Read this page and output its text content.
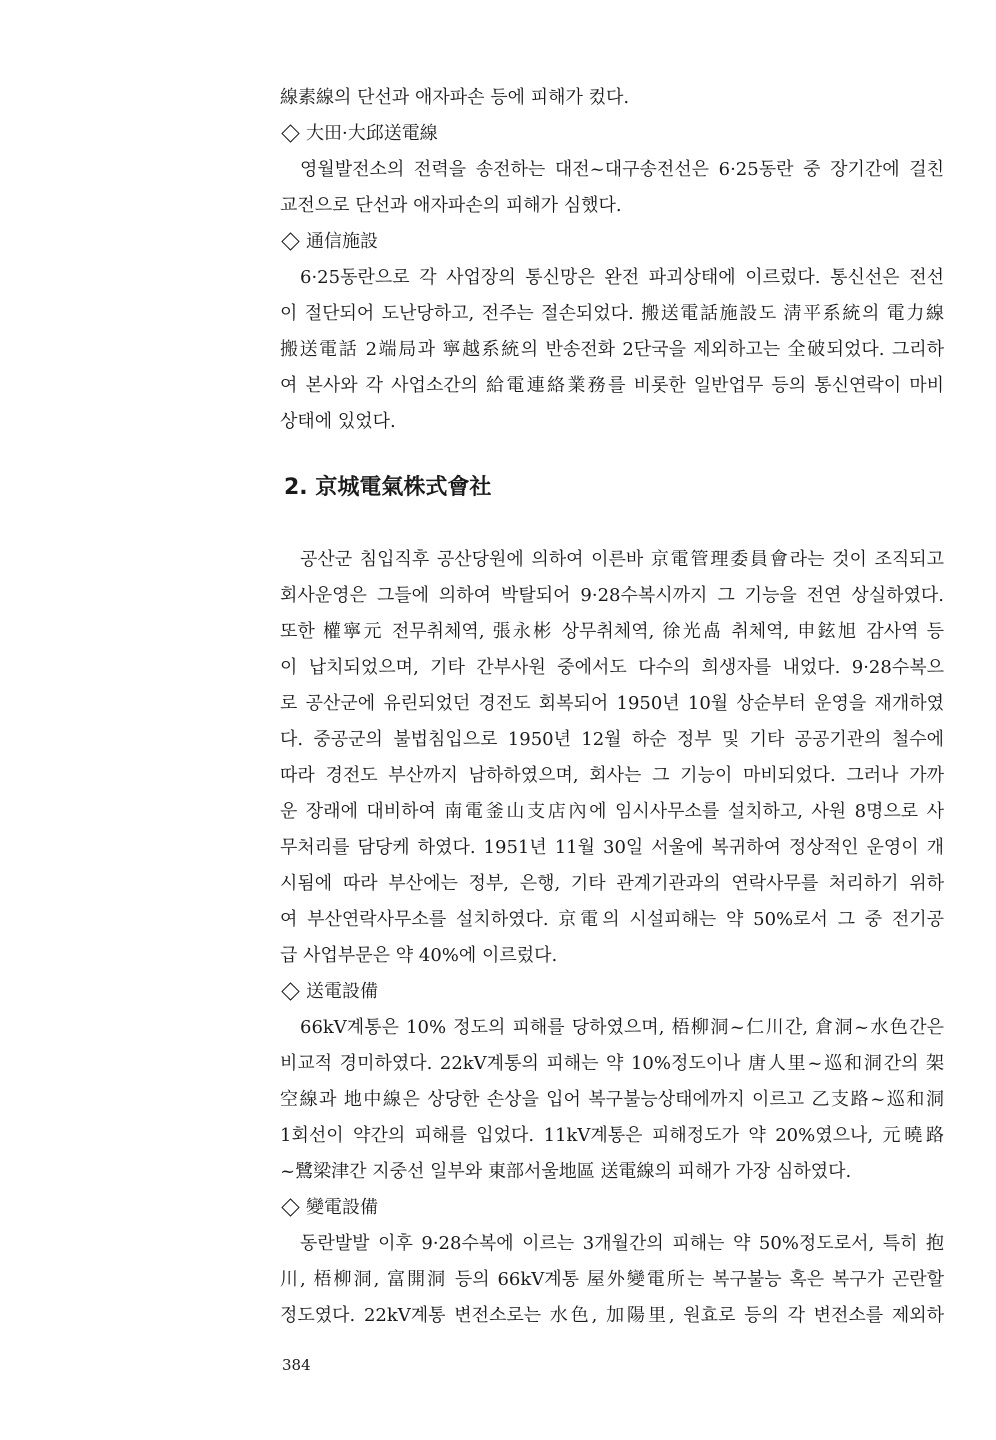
線素線의 단선과 애자파손 등에 피해가 컸다.
大田·大邱送電線
영월발전소의 전력을 송전하는 대전~대구송전선은 6·25동란 중 장기간에 걸친
교전으로 단선과 애자파손의 피해가 심했다.
通信施設
6·25동란으로 각 사업장의 통신망은 완전 파괴상태에 이르렀다. 통신선은 전선
이 절단되어 도난당하고, 전주는 절손되었다. 搬送電話施設도 淸平系統의 電力線
搬送電話 2端局과 寧越系統의 반송전화 2단국을 제외하고는 全破되었다. 그리하
여 본사와 각 사업소간의 給電連絡業務를 비롯한 일반업무 등의 통신연락이 마비
상태에 있었다.
2. 京城電氣株式會社
공산군 침입직후 공산당원에 의하여 이른바 京電管理委員會라는 것이 조직되고
회사운영은 그들에 의하여 박탈되어 9·28수복시까지 그 기능을 전연 상실하였다.
또한 權寧元 전무취체역, 張永彬 상무취체역, 徐光卨 취체역, 申鉉旭 감사역 등
이 납치되었으며, 기타 간부사원 중에서도 다수의 희생자를 내었다. 9·28수복으
로 공산군에 유린되었던 경전도 회복되어 1950년 10월 상순부터 운영을 재개하였
다. 중공군의 불법침입으로 1950년 12월 하순 정부 및 기타 공공기관의 철수에
따라 경전도 부산까지 남하하였으며, 회사는 그 기능이 마비되었다. 그러나 가까
운 장래에 대비하여 南電釜山支店內에 임시사무소를 설치하고, 사원 8명으로 사
무처리를 담당케 하였다. 1951년 11월 30일 서울에 복귀하여 정상적인 운영이 개
시됨에 따라 부산에는 정부, 은행, 기타 관계기관과의 연락사무를 처리하기 위하
여 부산연락사무소를 설치하였다. 京電의 시설피해는 약 50%로서 그 중 전기공
급 사업부문은 약 40%에 이르렀다.
送電設備
66kV계통은 10% 정도의 피해를 당하였으며, 梧柳洞~仁川간, 倉洞~水色간은
비교적 경미하였다. 22kV계통의 피해는 약 10%정도이나 唐人里~巡和洞간의 架
空線과 地中線은 상당한 손상을 입어 복구불능상태에까지 이르고 乙支路~巡和洞
1회선이 약간의 피해를 입었다. 11kV계통은 피해정도가 약 20%였으나, 元曉路
~鷺梁津간 지중선 일부와 東部서울地區 送電線의 피해가 가장 심하였다.
變電設備
동란발발 이후 9·28수복에 이르는 3개월간의 피해는 약 50%정도로서, 특히 抱
川, 梧柳洞, 富開洞 등의 66kV계통 屋外變電所는 복구불능 혹은 복구가 곤란할
정도였다. 22kV계통 변전소로는 水色, 加陽里, 원효로 등의 각 변전소를 제외하
384
